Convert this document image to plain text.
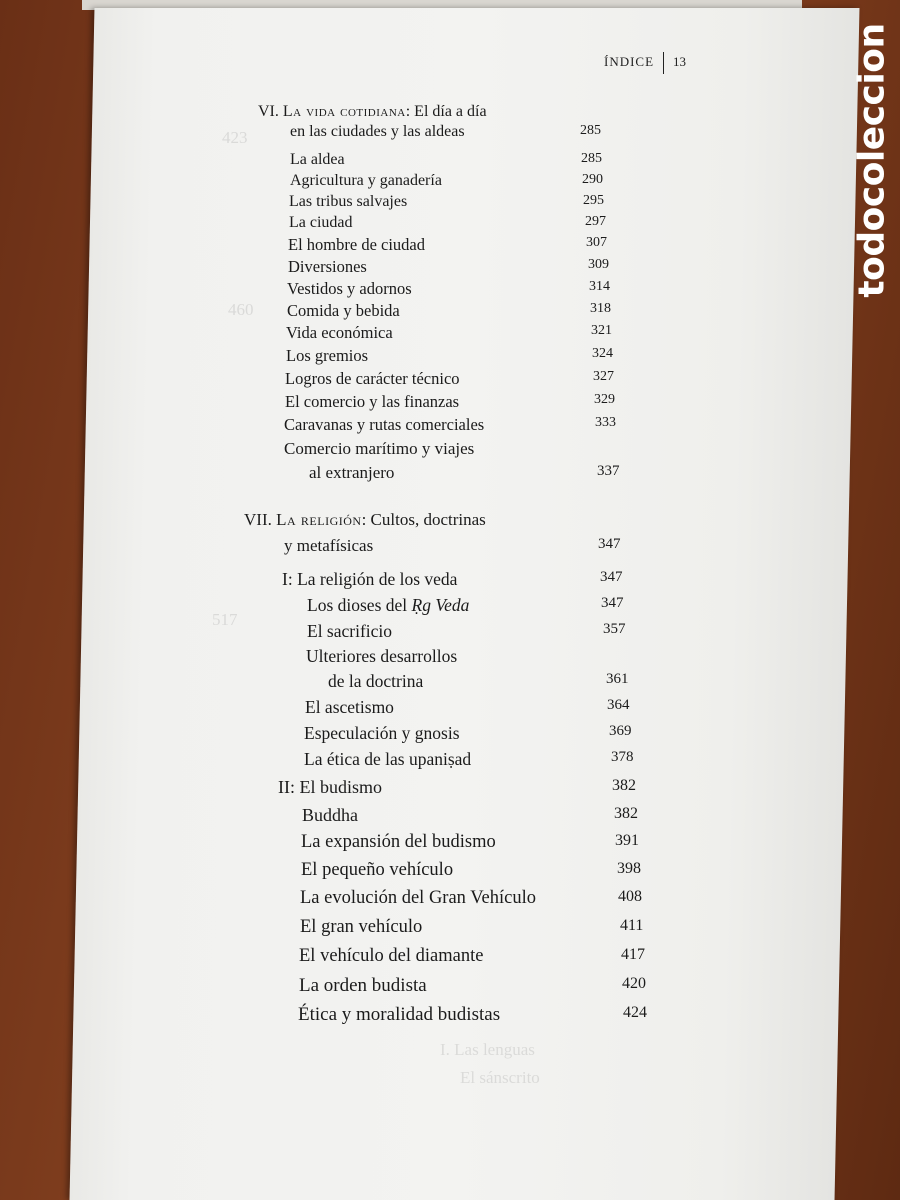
423
460
517
I. Las lenguas
El sánscrito
ÍNDICE 13
VI. La vida cotidiana: El día a día
en las ciudades y las aldeas	285
La aldea	285
Agricultura y ganadería	290
Las tribus salvajes	295
La ciudad	297
El hombre de ciudad	307
Diversiones	309
Vestidos y adornos	314
Comida y bebida	318
Vida económica	321
Los gremios	324
Logros de carácter técnico	327
El comercio y las finanzas	329
Caravanas y rutas comerciales	333
Comercio marítimo y viajes
al extranjero	337
VII. La religión: Cultos, doctrinas
y metafísicas	347
I: La religión de los veda	347
Los dioses del Ṛg Veda	347
El sacrificio	357
Ulteriores desarrollos
de la doctrina	361
El ascetismo	364
Especulación y gnosis	369
La ética de las upaniṣad	378
II: El budismo	382
Buddha	382
La expansión del budismo	391
El pequeño vehículo	398
La evolución del Gran Vehículo	408
El gran vehículo	411
El vehículo del diamante	417
La orden budista	420
Ética y moralidad budistas	424
todocoleccion
